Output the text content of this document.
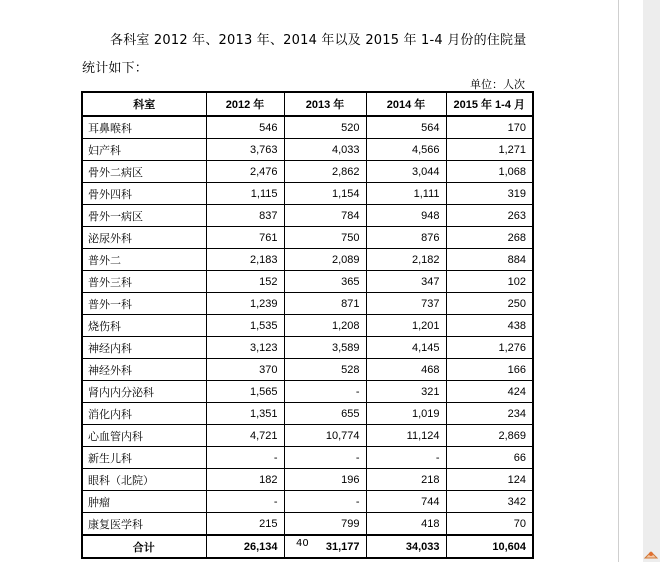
各科室 2012 年、2013 年、2014 年以及 2015 年 1-4 月份的住院量统计如下：

单位：人次
科室	2012 年	2013 年	2014 年	2015 年 1-4 月
耳鼻喉科	546	520	564	170
妇产科	3,763	4,033	4,566	1,271
骨外二病区	2,476	2,862	3,044	1,068
骨外四科	1,115	1,154	1,111	319
骨外一病区	837	784	948	263
泌尿外科	761	750	876	268
普外二	2,183	2,089	2,182	884
普外三科	152	365	347	102
普外一科	1,239	871	737	250
烧伤科	1,535	1,208	1,201	438
神经内科	3,123	3,589	4,145	1,276
神经外科	370	528	468	166
肾内内分泌科	1,565	-	321	424
消化内科	1,351	655	1,019	234
心血管内科	4,721	10,774	11,124	2,869
新生儿科	-	-	-	66
眼科（北院）	182	196	218	124
肿瘤	-	-	744	342
康复医学科	215	799	418	70
合计	26,134	31,177	34,033	10,604
40
